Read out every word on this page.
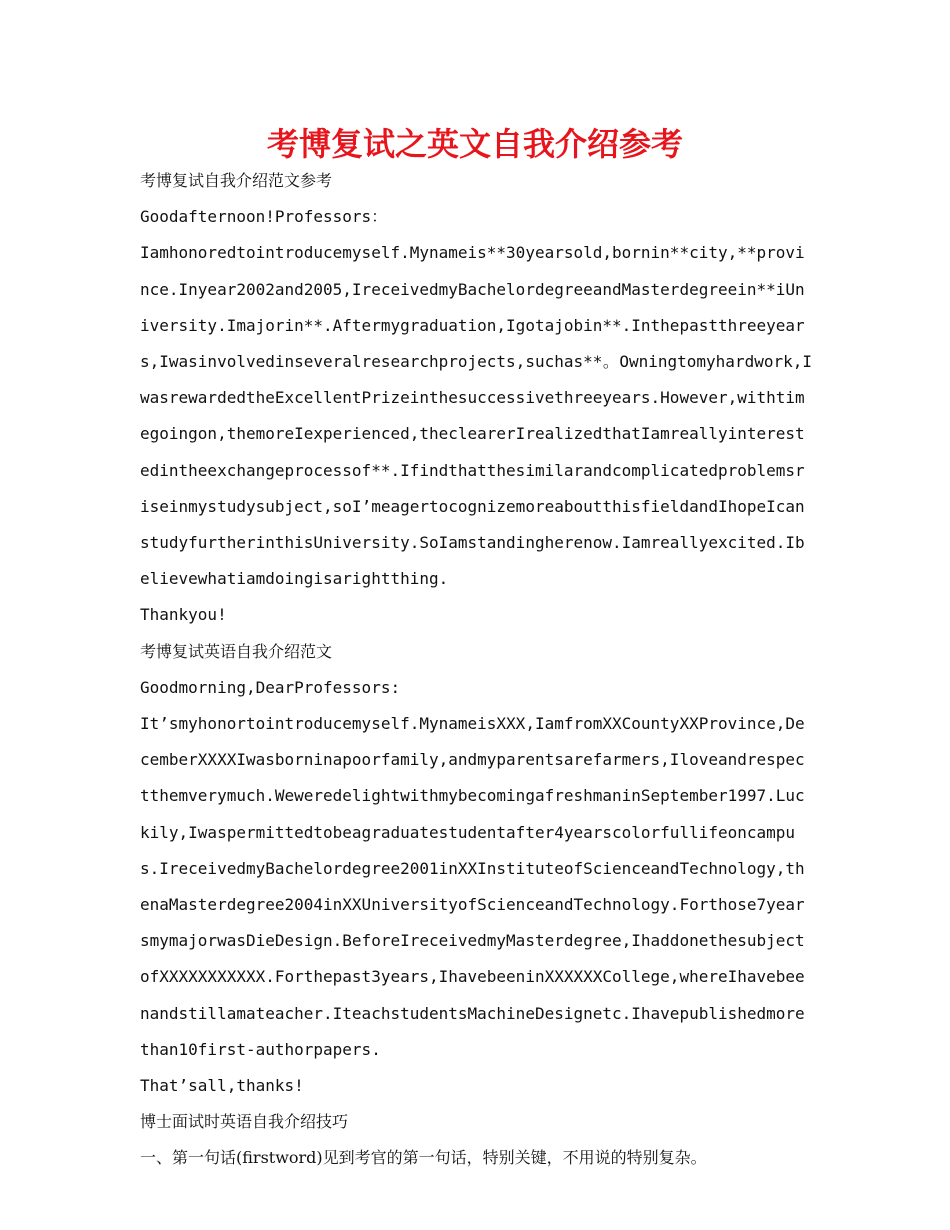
考博复试之英文自我介绍参考

考博复试自我介绍范文参考

Goodafternoon!Professors：

Iamhonoredtointroducemyself.Mynameis**30yearsold,bornin**city,**province.Inyear2002and2005,IreceivedmyBachelordegreeandMasterdegreein**iUniversity.Imajorin**.Aftermygraduation,Igotajobin**.Inthepastthreeyears,Iwasinvolvedinseveralresearchprojects,suchas**。Owningtomyhardwork,IwasrewardedtheExcellentPrizeinthesuccessivethreeyears.However,withtimegoingon,themoreIexperienced,theclearerIrealizedthatIamreallyinterestedintheexchangeprocessof**.Ifindthatthesimilarandcomplicatedproblemsriseinmystudysubject,soI’meagertocognizemoreaboutthisfieldandIhopeIcanstudyfurtherinthisUniversity.SoIamstandingherenow.Iamreallyexcited.Ibelievewhatiamdoingisarightthing.

Thankyou!

考博复试英语自我介绍范文

Goodmorning,DearProfessors:

It’smyhonortointroducemyself.MynameisXXX,IamfromXXCountyXXProvince,DecemberXXXXIwasborninapoorfamily,andmyparentsarefarmers,Iloveandrespectthemverymuch.WeweredelightwithmybecomingafreshmaninSeptember1997.Luckily,Iwaspermittedtobeagraduatestudentafter4yearscolorfullifeoncampus.IreceivedmyBachelordegree2001inXXInstituteofScienceandTechnology,thenaMasterdegree2004inXXUniversityofScienceandTechnology.Forthose7yearsmymajorwasDieDesign.BeforeIreceivedmyMasterdegree,IhaddonethesubjectofXXXXXXXXXXX.Forthepast3years,IhavebeeninXXXXXXCollege,whereIhavebeenandstillamateacher.IteachstudentsMachineDesignetc.Ihavepublishedmorethan10first-authorpapers.

That’sall,thanks!

博士面试时英语自我介绍技巧

一、第一句话(firstword)见到考官的第一句话，特别关键，不用说的特别复杂。
